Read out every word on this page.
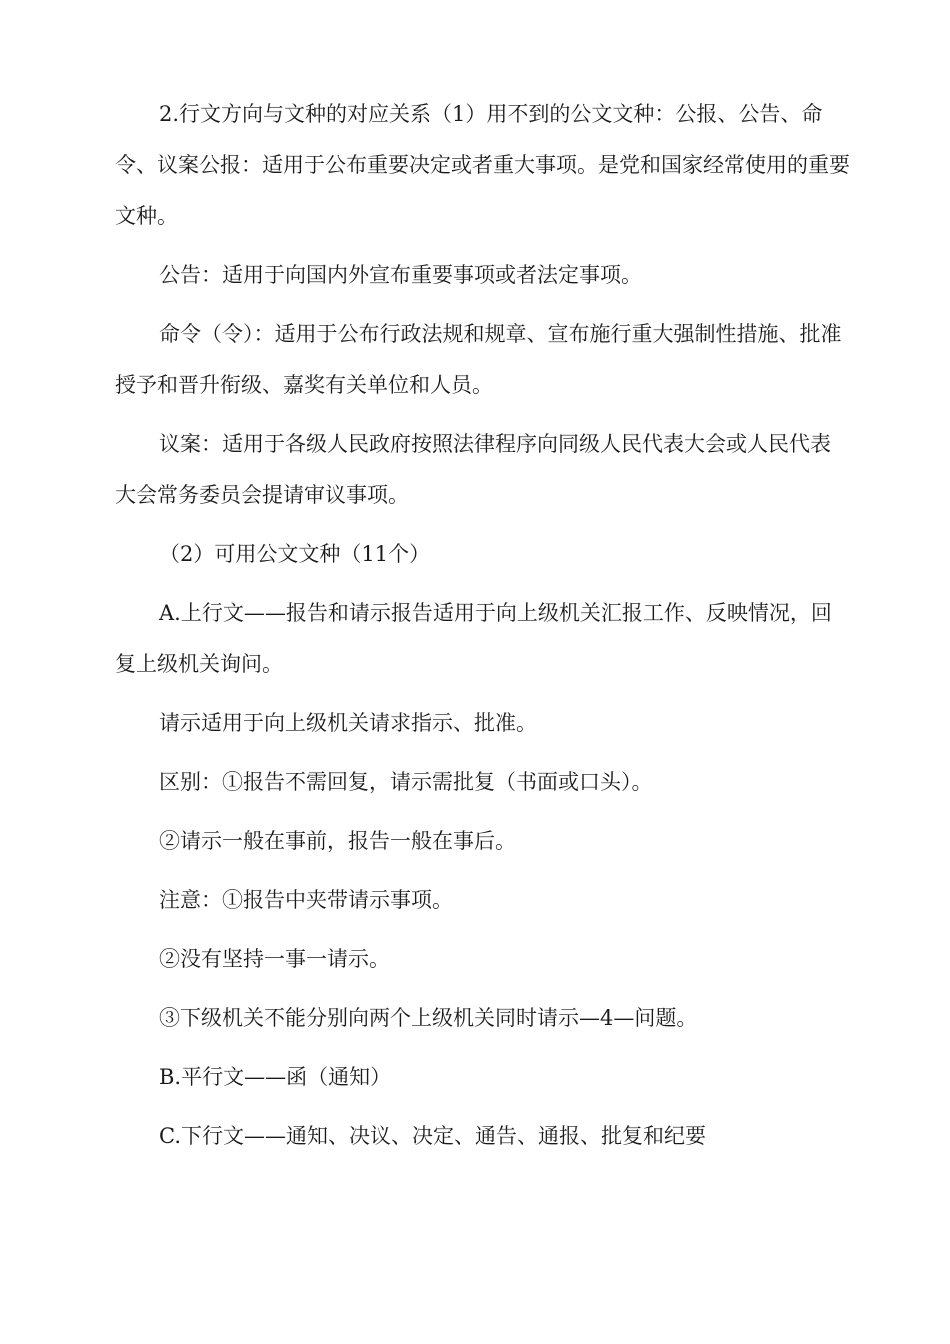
2.行文方向与文种的对应关系（1）用不到的公文文种：公报、公告、命令、议案公报：适用于公布重要决定或者重大事项。是党和国家经常使用的重要文种。

公告：适用于向国内外宣布重要事项或者法定事项。

命令（令）：适用于公布行政法规和规章、宣布施行重大强制性措施、批准授予和晋升衔级、嘉奖有关单位和人员。

议案：适用于各级人民政府按照法律程序向同级人民代表大会或人民代表大会常务委员会提请审议事项。

（2）可用公文文种（11个）

A.上行文——报告和请示报告适用于向上级机关汇报工作、反映情况，回复上级机关询问。

请示适用于向上级机关请求指示、批准。

区别：①报告不需回复，请示需批复（书面或口头）。

②请示一般在事前，报告一般在事后。

注意：①报告中夹带请示事项。

②没有坚持一事一请示。

③下级机关不能分别向两个上级机关同时请示—4—问题。

B.平行文——函（通知）

C.下行文——通知、决议、决定、通告、通报、批复和纪要
